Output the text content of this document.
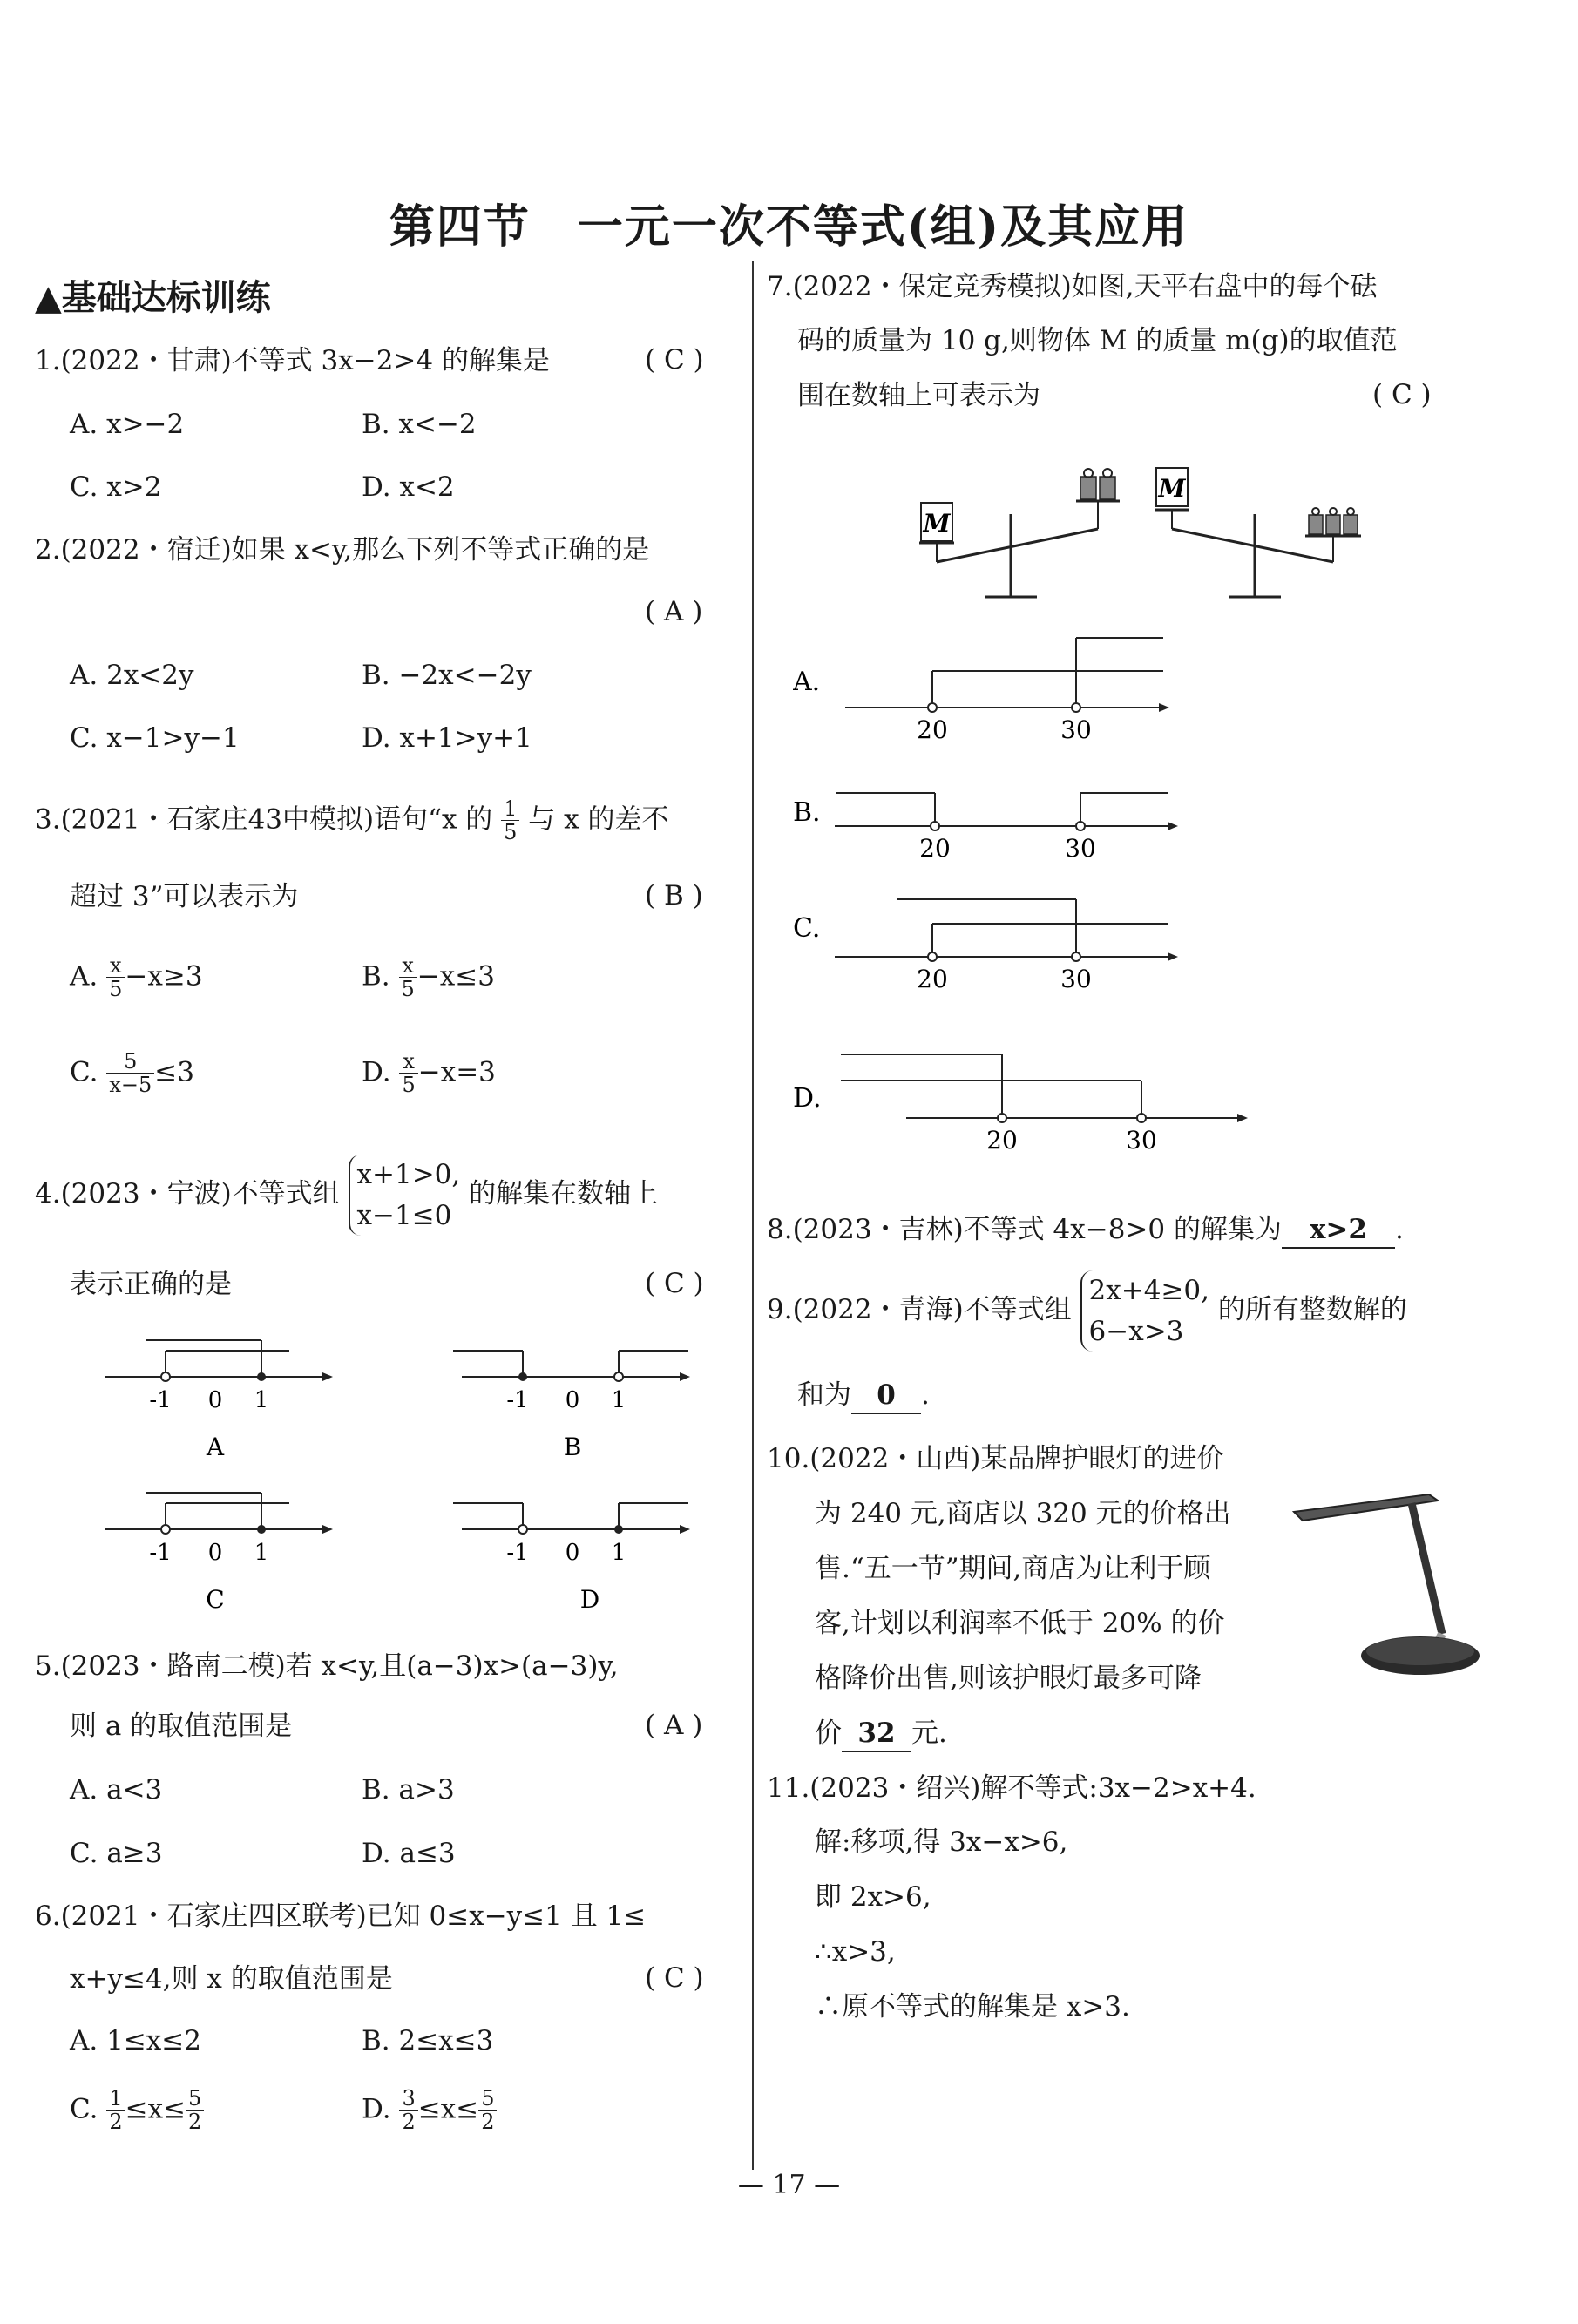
第四节　一元一次不等式(组)及其应用
▲基础达标训练
1.(2022・甘肃)不等式 3x−2>4 的解集是	( C )
A. x>−2	B. x<−2
C. x>2	D. x<2
2.(2022・宿迁)如果 x<y,那么下列不等式正确的是
( A )
A. 2x<2y	B. −2x<−2y
C. x−1>y−1	D. x+1>y+1
3.(2021・石家庄43中模拟)语句“x 的 $\frac{1}{5}$ 与 x 的差不
超过 3”可以表示为	( B )
A. $\frac{x}{5} -x\ge 3$	B. $\frac{x}{5} -x\le 3$
C. $\frac{5}{x-5} \le 3$	D. $\frac{x}{5} -x=3$
4.(2023・宁波)不等式组 x+1>0,
x−1≤0 的解集在数轴上
表示正确的是	( C )
-1 0 1
A
-1 0 1
B
-1 0 1
C
-1 0 1
D
5.(2023・路南二模)若 x<y,且(a−3)x>(a−3)y,
则 a 的取值范围是	( A )
A. a<3	B. a>3
C. a≥3	D. a≤3
6.(2021・石家庄四区联考)已知 0≤x−y≤1 且 1≤
x+y≤4,则 x 的取值范围是	( C )
A. 1≤x≤2	B. 2≤x≤3
C. $\frac{1}{2} \le x\le \frac{5}{2}$	D. $\frac{3}{2} \le x\le \frac{5}{2}$
7.(2022・保定竞秀模拟)如图,天平右盘中的每个砝
码的质量为 10 g,则物体 M 的质量 m(g)的取值范
围在数轴上可表示为	( C )
M
M
A.
20	30
B.
20	30
C.
20	30
D.
20	30
8.(2023・吉林)不等式 4x−8>0 的解集为 x>2 .
9.(2022・青海)不等式组 2x+4≥0,
6−x>3 的所有整数解的
和为 0 .
10.(2022・山西)某品牌护眼灯的进价
为 240 元,商店以 320 元的价格出
售.“五一节”期间,商店为让利于顾
客,计划以利润率不低于 20% 的价
格降价出售,则该护眼灯最多可降
价 32 元.
11.(2023・绍兴)解不等式:3x−2>x+4.
解:移项,得 3x−x>6,
即 2x>6,
∴x>3,
∴原不等式的解集是 x>3.
— 17 —
